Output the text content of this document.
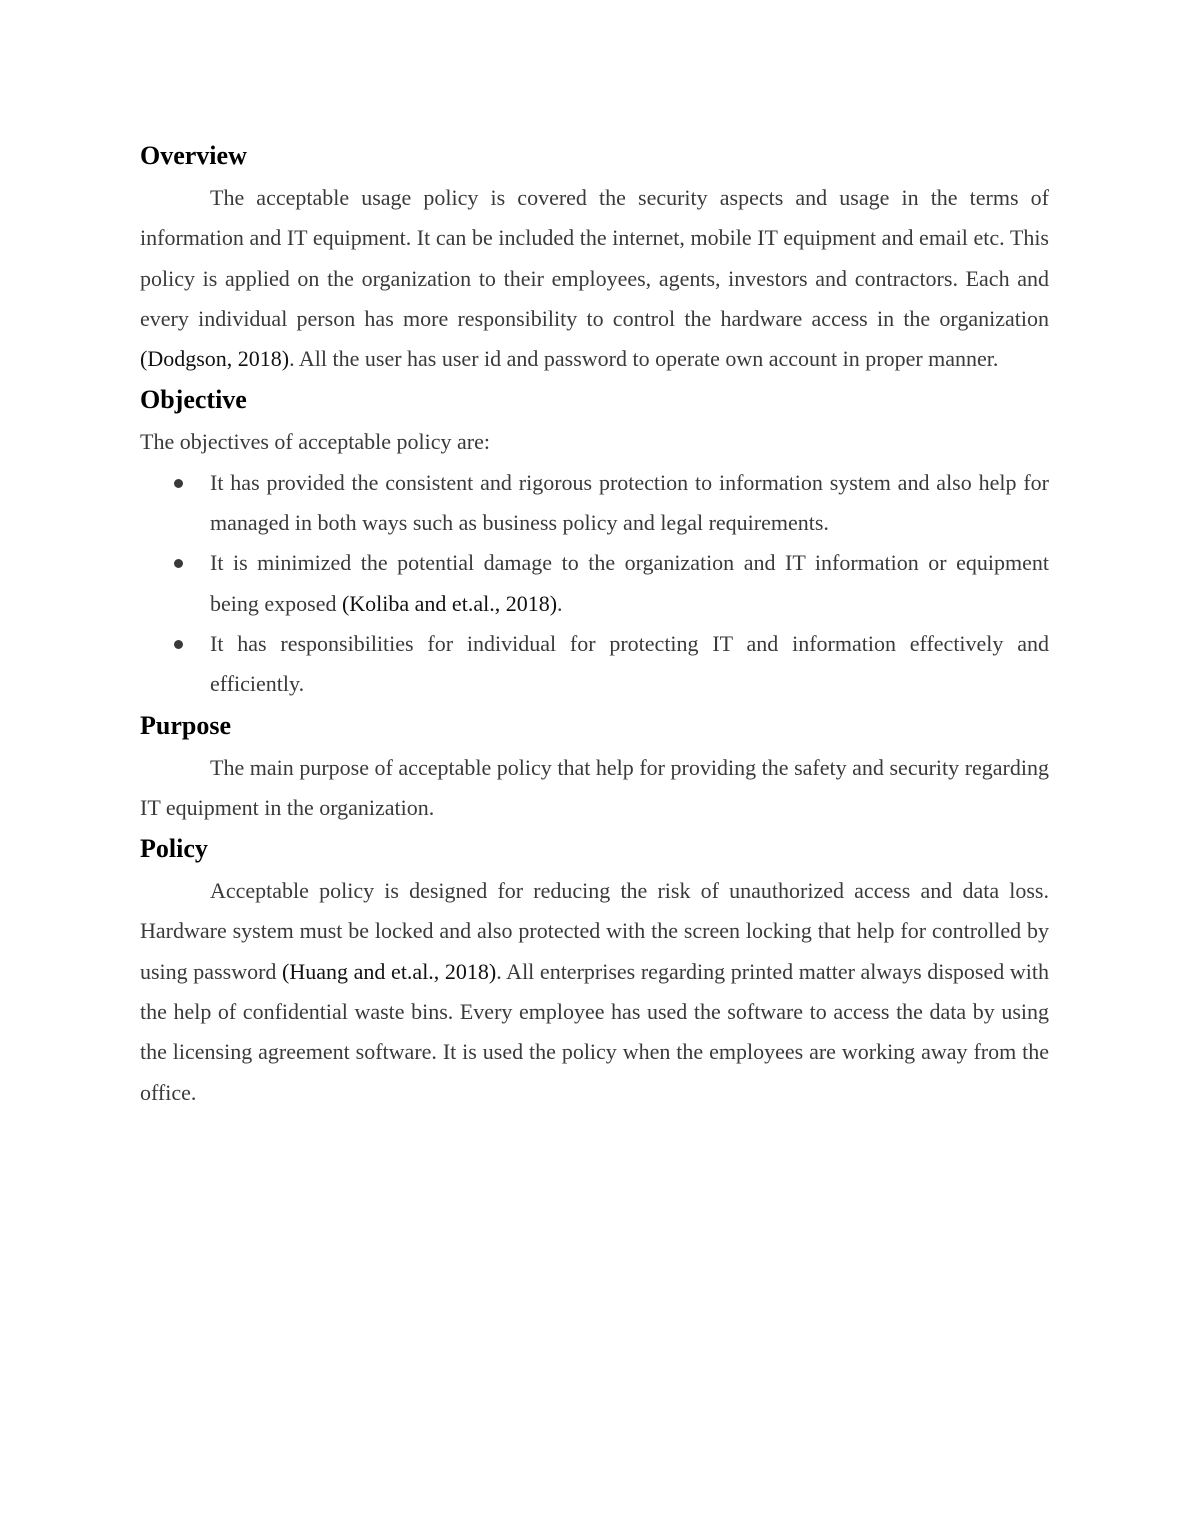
Overview

The acceptable usage policy is covered the security aspects and usage in the terms of information and IT equipment. It can be included the internet, mobile IT equipment and email etc. This policy is applied on the organization to their employees, agents, investors and contractors. Each and every individual person has more responsibility to control the hardware access in the organization (Dodgson, 2018). All the user has user id and password to operate own account in proper manner.

Objective

The objectives of acceptable policy are:

It has provided the consistent and rigorous protection to information system and also help for managed in both ways such as business policy and legal requirements.
It is minimized the potential damage to the organization and IT information or equipment being exposed (Koliba and et.al., 2018).
It has responsibilities for individual for protecting IT and information effectively and efficiently.
Purpose

The main purpose of acceptable policy that help for providing the safety and security regarding IT equipment in the organization.

Policy

Acceptable policy is designed for reducing the risk of unauthorized access and data loss. Hardware system must be locked and also protected with the screen locking that help for controlled by using password (Huang and et.al., 2018). All enterprises regarding printed matter always disposed with the help of confidential waste bins. Every employee has used the software to access the data by using the licensing agreement software. It is used the policy when the employees are working away from the office.
